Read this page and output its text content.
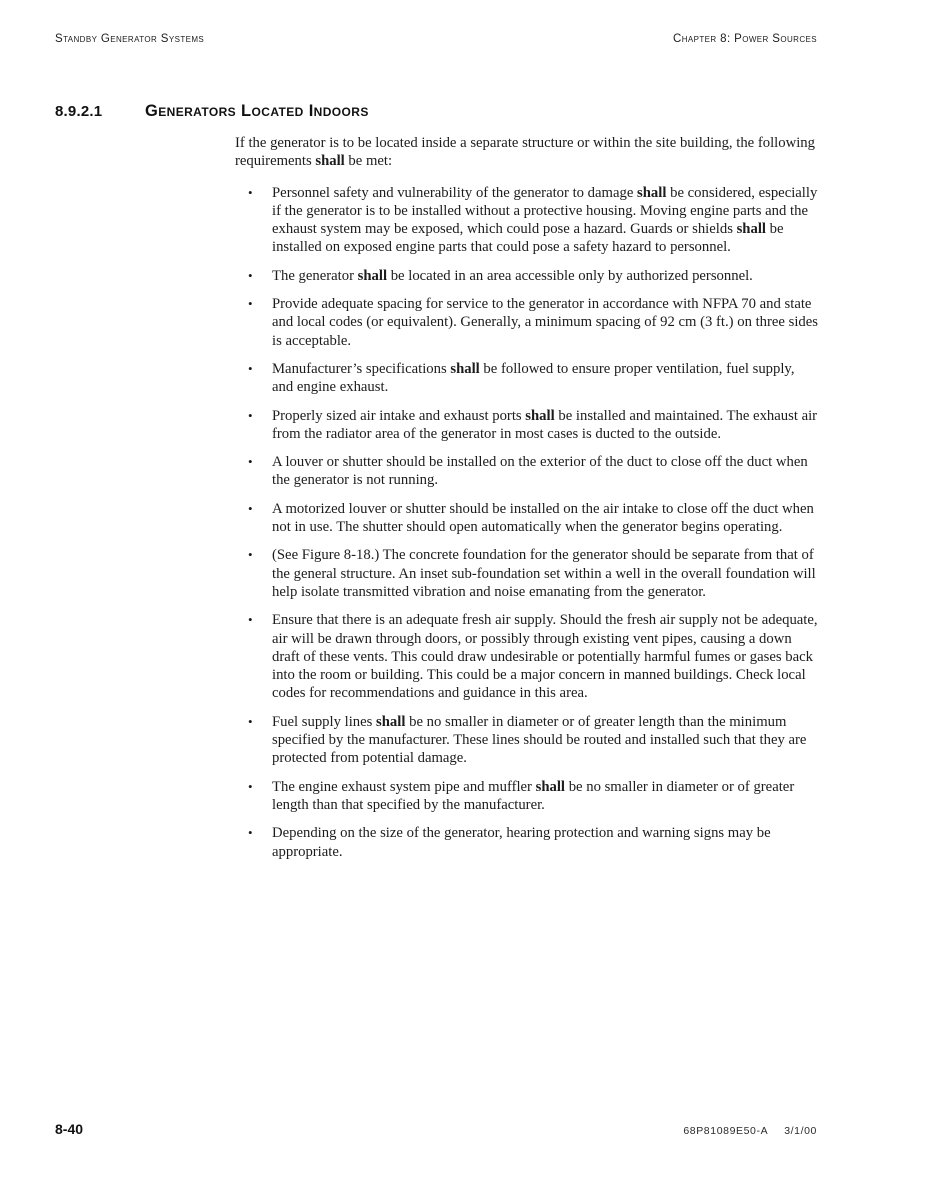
Standby Generator Systems	Chapter 8: Power Sources
8.9.2.1	Generators Located Indoors

If the generator is to be located inside a separate structure or within the site building, the following requirements shall be met:

• Personnel safety and vulnerability of the generator to damage shall be considered, especially if the generator is to be installed without a protective housing. Moving engine parts and the exhaust system may be exposed, which could pose a hazard. Guards or shields shall be installed on exposed engine parts that could pose a safety hazard to personnel.
• The generator shall be located in an area accessible only by authorized personnel.
• Provide adequate spacing for service to the generator in accordance with NFPA 70 and state and local codes (or equivalent). Generally, a minimum spacing of 92 cm (3 ft.) on three sides is acceptable.
• Manufacturer’s specifications shall be followed to ensure proper ventilation, fuel supply, and engine exhaust.
• Properly sized air intake and exhaust ports shall be installed and maintained. The exhaust air from the radiator area of the generator in most cases is ducted to the outside.
• A louver or shutter should be installed on the exterior of the duct to close off the duct when the generator is not running.
• A motorized louver or shutter should be installed on the air intake to close off the duct when not in use. The shutter should open automatically when the generator begins operating.
• (See Figure 8-18.) The concrete foundation for the generator should be separate from that of the general structure. An inset sub-foundation set within a well in the overall foundation will help isolate transmitted vibration and noise emanating from the generator.
• Ensure that there is an adequate fresh air supply. Should the fresh air supply not be adequate, air will be drawn through doors, or possibly through existing vent pipes, causing a down draft of these vents. This could draw undesirable or potentially harmful fumes or gases back into the room or building. This could be a major concern in manned buildings. Check local codes for recommendations and guidance in this area.
• Fuel supply lines shall be no smaller in diameter or of greater length than the minimum specified by the manufacturer. These lines should be routed and installed such that they are protected from potential damage.
• The engine exhaust system pipe and muffler shall be no smaller in diameter or of greater length than that specified by the manufacturer.
• Depending on the size of the generator, hearing protection and warning signs may be appropriate.
8-40	68P81089E50-A 3/1/00
